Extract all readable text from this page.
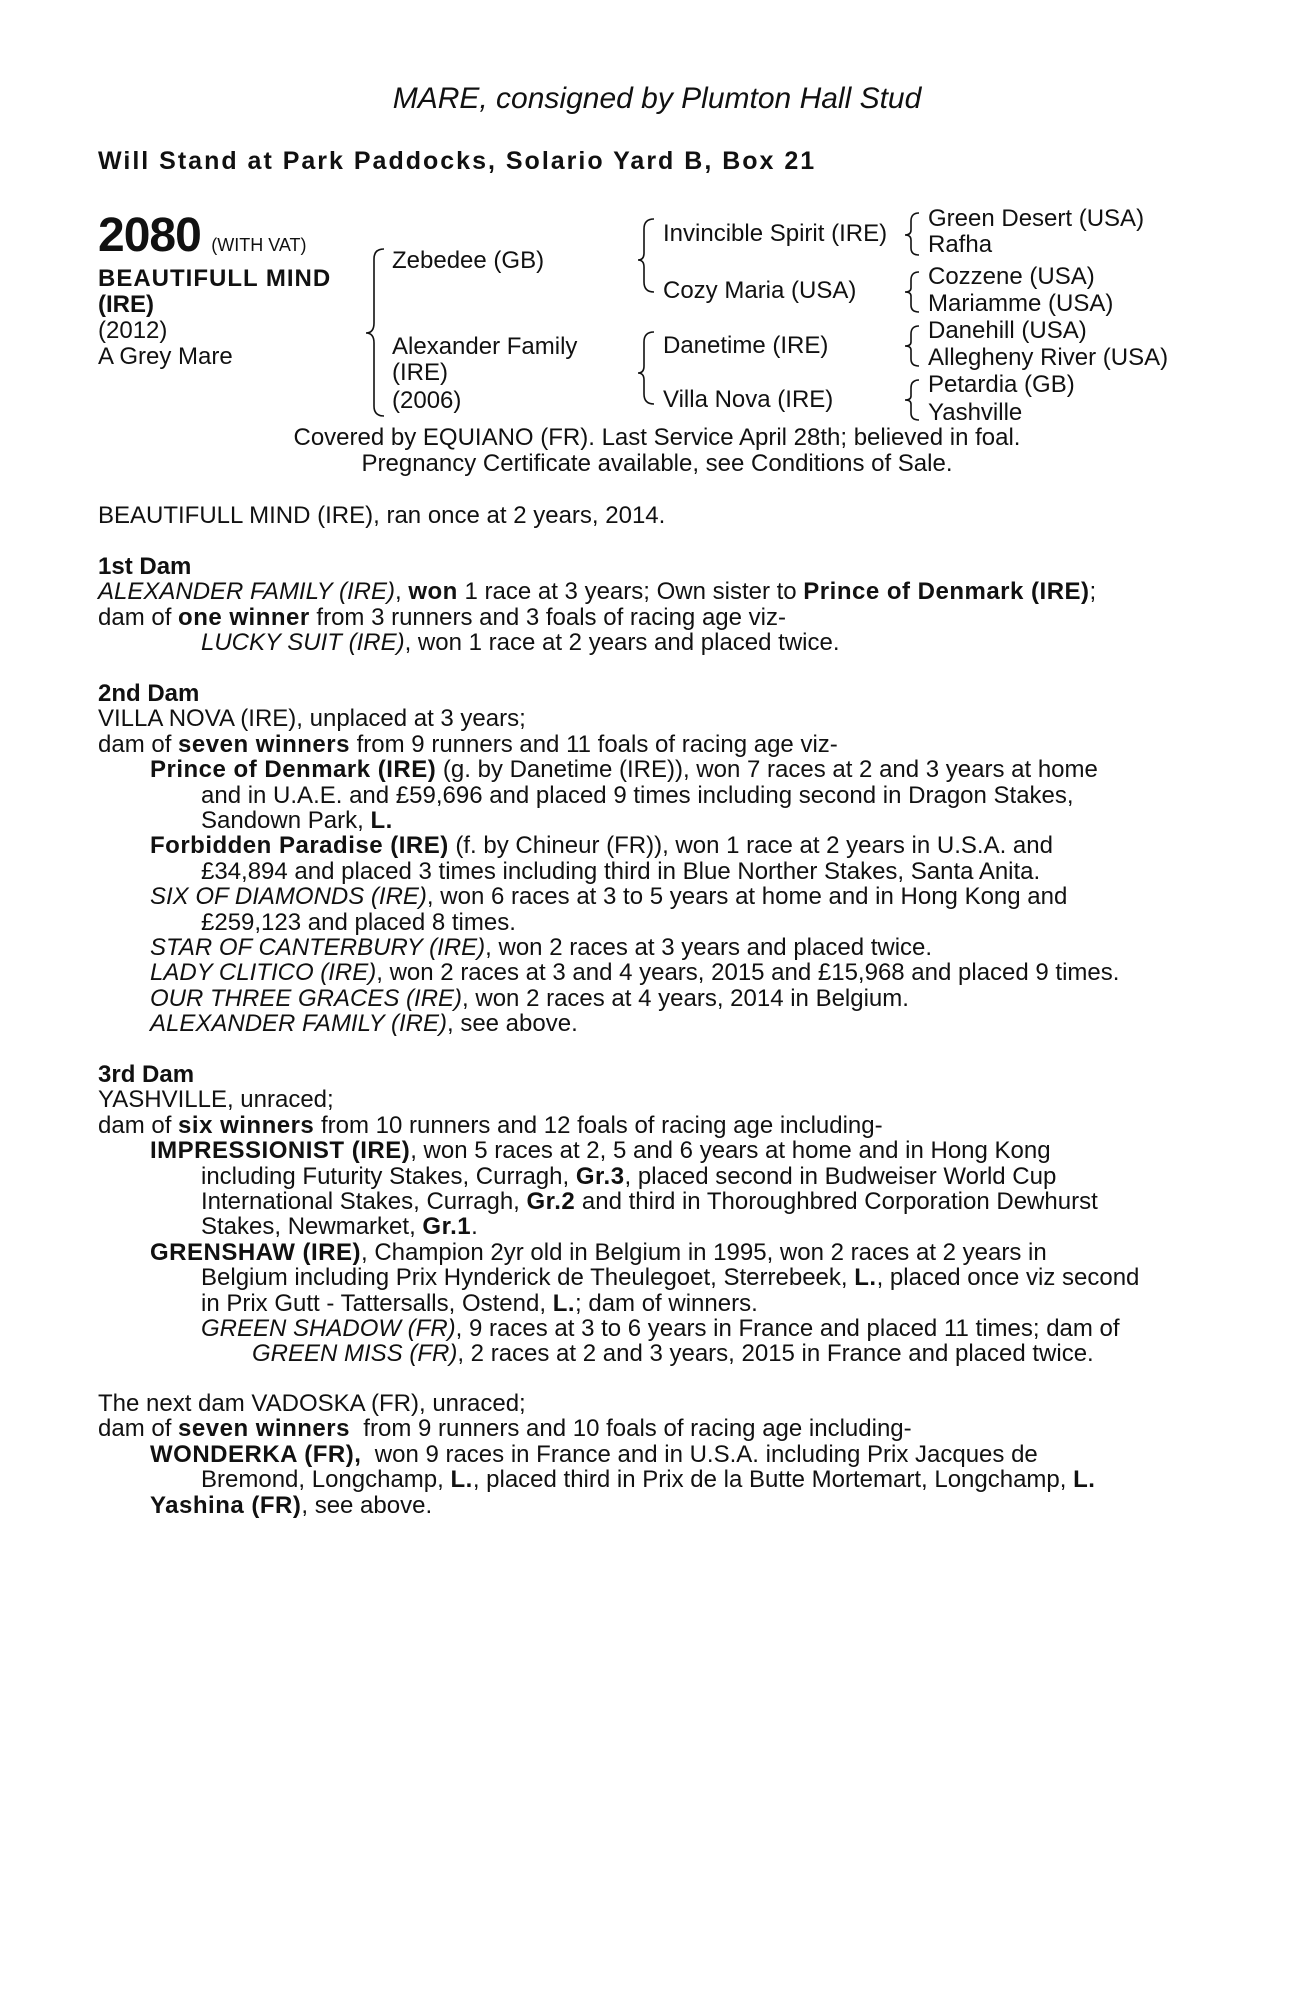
MARE, consigned by Plumton Hall Stud
Will Stand at Park Paddocks, Solario Yard B, Box 21
2080 (WITH VAT)
BEAUTIFULL MIND
(IRE)
(2012)
A Grey Mare
Zebedee (GB)
Alexander Family
(IRE)
(2006)
Invincible Spirit (IRE)
Cozy Maria (USA)
Danetime (IRE)
Villa Nova (IRE)
Green Desert (USA)
Rafha
Cozzene (USA)
Mariamme (USA)
Danehill (USA)
Allegheny River (USA)
Petardia (GB)
Yashville
Covered by EQUIANO (FR). Last Service April 28th; believed in foal.
Pregnancy Certificate available, see Conditions of Sale.

BEAUTIFULL MIND (IRE), ran once at 2 years, 2014.

1st Dam

ALEXANDER FAMILY (IRE), won 1 race at 3 years; Own sister to Prince of Denmark (IRE);

dam of one winner from 3 runners and 3 foals of racing age viz-

LUCKY SUIT (IRE), won 1 race at 2 years and placed twice.

2nd Dam

VILLA NOVA (IRE), unplaced at 3 years;

dam of seven winners from 9 runners and 11 foals of racing age viz-

Prince of Denmark (IRE) (g. by Danetime (IRE)), won 7 races at 2 and 3 years at home

and in U.A.E. and £59,696 and placed 9 times including second in Dragon Stakes,

Sandown Park, L.

Forbidden Paradise (IRE) (f. by Chineur (FR)), won 1 race at 2 years in U.S.A. and

£34,894 and placed 3 times including third in Blue Norther Stakes, Santa Anita.

SIX OF DIAMONDS (IRE), won 6 races at 3 to 5 years at home and in Hong Kong and

£259,123 and placed 8 times.

STAR OF CANTERBURY (IRE), won 2 races at 3 years and placed twice.

LADY CLITICO (IRE), won 2 races at 3 and 4 years, 2015 and £15,968 and placed 9 times.

OUR THREE GRACES (IRE), won 2 races at 4 years, 2014 in Belgium.

ALEXANDER FAMILY (IRE), see above.

3rd Dam

YASHVILLE, unraced;

dam of six winners from 10 runners and 12 foals of racing age including-

IMPRESSIONIST (IRE), won 5 races at 2, 5 and 6 years at home and in Hong Kong

including Futurity Stakes, Curragh, Gr.3, placed second in Budweiser World Cup

International Stakes, Curragh, Gr.2 and third in Thoroughbred Corporation Dewhurst

Stakes, Newmarket, Gr.1.

GRENSHAW (IRE), Champion 2yr old in Belgium in 1995, won 2 races at 2 years in

Belgium including Prix Hynderick de Theulegoet, Sterrebeek, L., placed once viz second

in Prix Gutt - Tattersalls, Ostend, L.; dam of winners.

GREEN SHADOW (FR), 9 races at 3 to 6 years in France and placed 11 times; dam of

GREEN MISS (FR), 2 races at 2 and 3 years, 2015 in France and placed twice.

The next dam VADOSKA (FR), unraced;

dam of seven winners  from 9 runners and 10 foals of racing age including-

WONDERKA (FR),  won 9 races in France and in U.S.A. including Prix Jacques de

Bremond, Longchamp, L., placed third in Prix de la Butte Mortemart, Longchamp, L.

Yashina (FR), see above.
